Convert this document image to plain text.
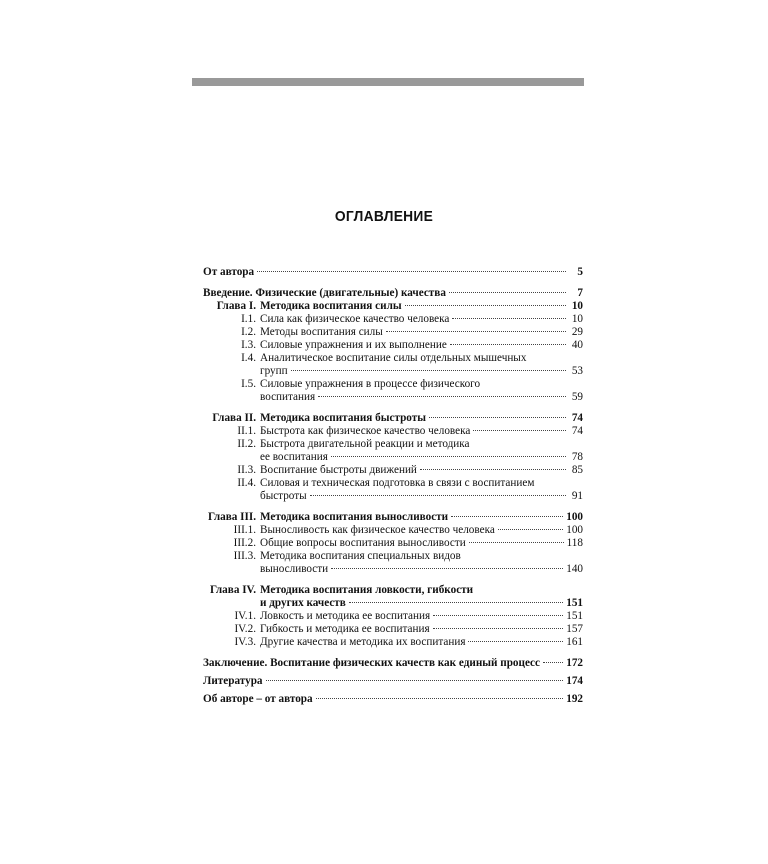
ОГЛАВЛЕНИЕ
От автора	5
Введение. Физические (двигательные) качества	7
Глава I. Методика воспитания силы	10
I.1. Сила как физическое качество человека	10
I.2. Методы воспитания силы	29
I.3. Силовые упражнения и их выполнение	40
I.4. Аналитическое воспитание силы отдельных мышечных
групп	53
I.5. Силовые упражнения в процессе физического
воспитания	59
Глава II. Методика воспитания быстроты	74
II.1. Быстрота как физическое качество человека	74
II.2. Быстрота двигательной реакции и методика
ее воспитания	78
II.3. Воспитание быстроты движений	85
II.4. Силовая и техническая подготовка в связи с воспитанием
быстроты	91
Глава III. Методика воспитания выносливости	100
III.1. Выносливость как физическое качество человека	100
III.2. Общие вопросы воспитания выносливости	118
III.3. Методика воспитания специальных видов
выносливости	140
Глава IV. Методика воспитания ловкости, гибкости
и других качеств	151
IV.1. Ловкость и методика ее воспитания	151
IV.2. Гибкость и методика ее воспитания	157
IV.3. Другие качества и методика их воспитания	161
Заключение. Воспитание физических качеств как единый процесс 172
Литература	174
Об авторе – от автора	192
